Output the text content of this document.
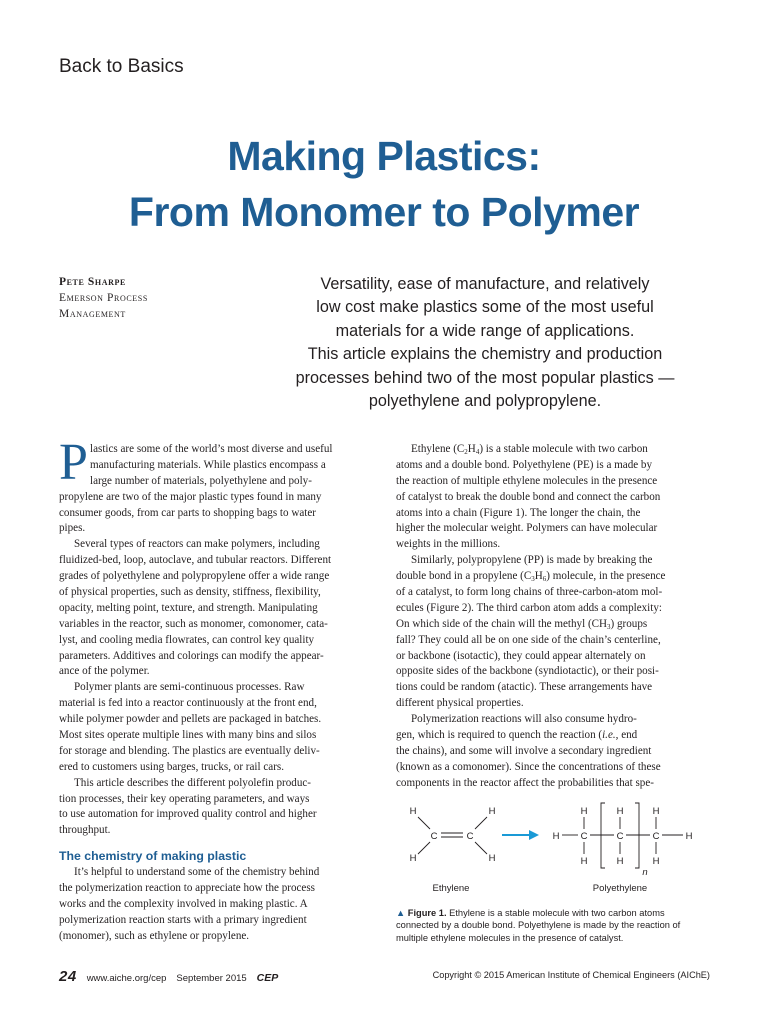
Back to Basics
Making Plastics:
From Monomer to Polymer
Pete Sharpe
Emerson Process
Management
Versatility, ease of manufacture, and relatively
low cost make plastics some of the most useful
materials for a wide range of applications.
This article explains the chemistry and production
processes behind two of the most popular plastics —
polyethylene and polypropylene.
P lastics are some of the world’s most diverse and useful
manufacturing materials. While plastics encompass a
large number of materials, polyethylene and poly-
propylene are two of the major plastic types found in many
consumer goods, from car parts to shopping bags to water
pipes.
Several types of reactors can make polymers, including
fluidized-bed, loop, autoclave, and tubular reactors. Different
grades of polyethylene and polypropylene offer a wide range
of physical properties, such as density, stiffness, flexibility,
opacity, melting point, texture, and strength. Manipulating
variables in the reactor, such as monomer, comonomer, cata-
lyst, and cooling media flowrates, can control key quality
parameters. Additives and colorings can modify the appear-
ance of the polymer.
Polymer plants are semi-continuous processes. Raw
material is fed into a reactor continuously at the front end,
while polymer powder and pellets are packaged in batches.
Most sites operate multiple lines with many bins and silos
for storage and blending. The plastics are eventually deliv-
ered to customers using barges, trucks, or rail cars.
This article describes the different polyolefin produc-
tion processes, their key operating parameters, and ways
to use automation for improved quality control and higher
throughput.
The chemistry of making plastic
It’s helpful to understand some of the chemistry behind
the polymerization reaction to appreciate how the process
works and the complexity involved in making plastic. A
polymerization reaction starts with a primary ingredient
(monomer), such as ethylene or propylene.
Ethylene $(C_2H_4)$ is a stable molecule with two carbon
atoms and a double bond. Polyethylene (PE) is a made by
the reaction of multiple ethylene molecules in the presence
of catalyst to break the double bond and connect the carbon
atoms into a chain (Figure 1). The longer the chain, the
higher the molecular weight. Polymers can have molecular
weights in the millions.
Similarly, polypropylene (PP) is made by breaking the
double bond in a propylene $(C_3H_6)$ molecule, in the presence
of a catalyst, to form long chains of three-carbon-atom mol-
ecules (Figure 2). The third carbon atom adds a complexity:
On which side of the chain will the methyl $(CH_3)$ groups
fall? They could all be on one side of the chain’s centerline,
or backbone (isotactic), they could appear alternately on
opposite sides of the backbone (syndiotactic), or their posi-
tions could be random (atactic). These arrangements have
different physical properties.
Polymerization reactions will also consume hydro-
gen, which is required to quench the reaction (i.e., end
the chains), and some will involve a secondary ingredient
(known as a comonomer). Since the concentrations of these
components in the reactor affect the probabilities that spe-
H	H
C	C
H	H
H	H	H
H C	C	C	H
H	H	H
n
Ethylene	Polyethylene
▲ Figure 1. Ethylene is a stable molecule with two carbon atoms
connected by a double bond. Polyethylene is made by the reaction of
multiple ethylene molecules in the presence of catalyst.
24 www.aiche.org/cep September 2015 CEP	Copyright © 2015 American Institute of Chemical Engineers (AIChE)
